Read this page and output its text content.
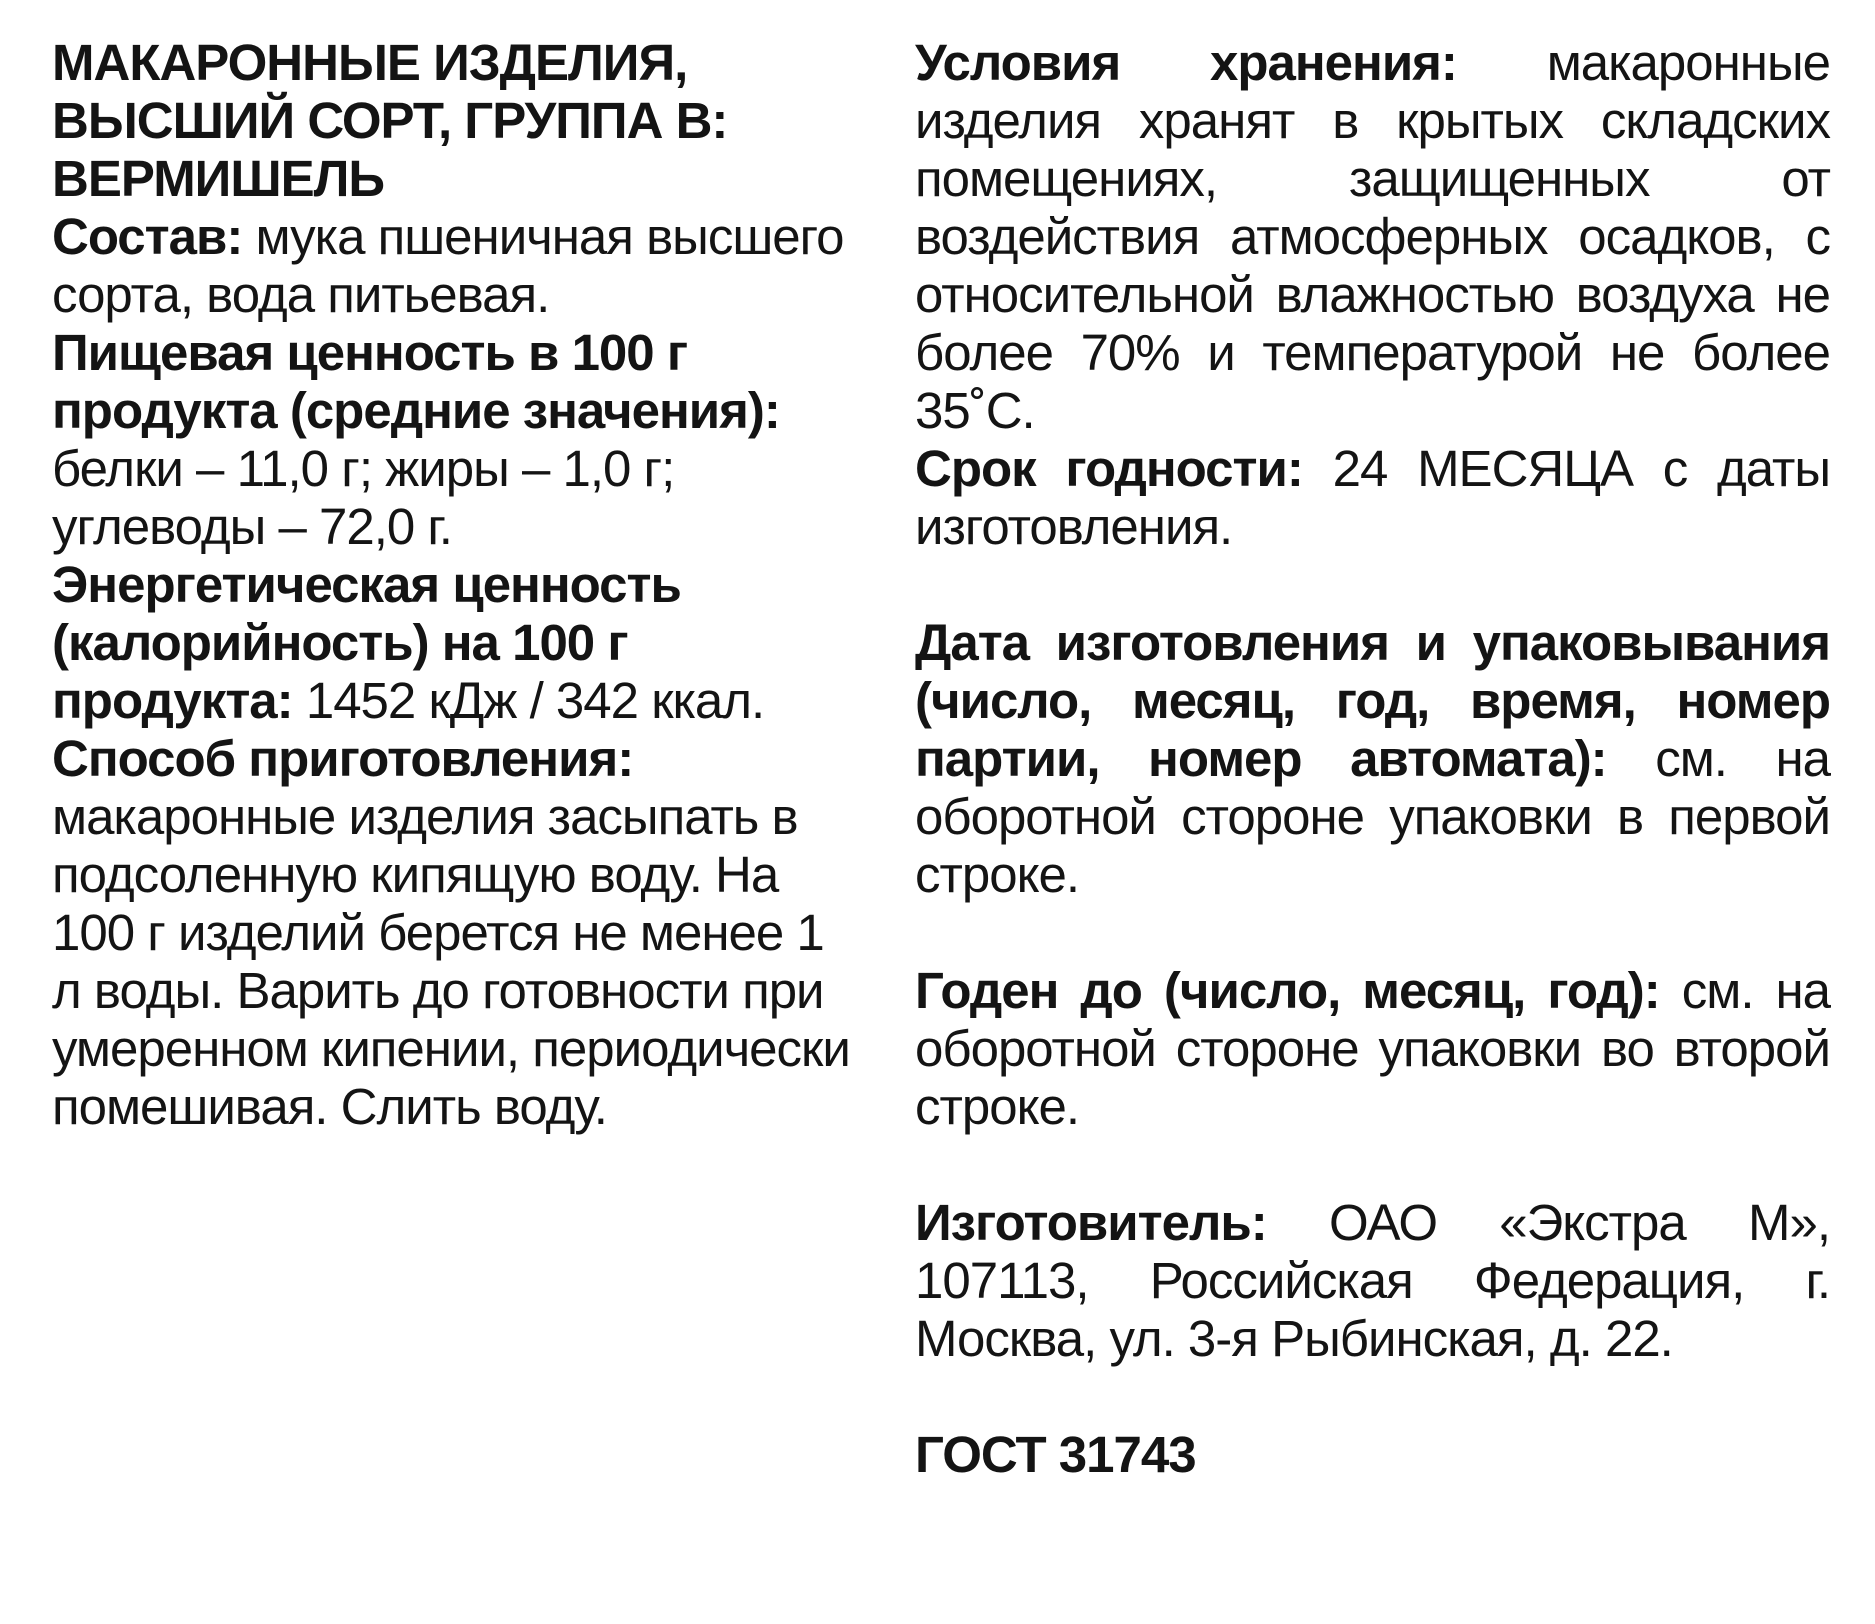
МАКАРОННЫЕ ИЗДЕЛИЯ, ВЫСШИЙ СОРТ, ГРУППА В: ВЕРМИШЕЛЬ

Состав: мука пшеничная высшего сорта, вода питьевая.

Пищевая ценность в 100 г продукта (средние значения): белки – 11,0 г; жиры – 1,0 г; углеводы – 72,0 г.

Энергетическая ценность (калорийность) на 100 г продукта: 1452 кДж / 342 ккал.

Способ приготовления: макаронные изделия засыпать в подсоленную кипящую воду. На 100 г изделий берется не менее 1 л воды. Варить до готовности при умеренном кипении, периодически помешивая. Слить воду.

Условия хранения: макаронные изделия хранят в крытых складских помещениях, защищенных от воздействия атмосферных осадков, с относительной влажностью воздуха не более 70% и температурой не более 35˚С.

Срок годности: 24 МЕСЯЦА с даты изготовления.

Дата изготовления и упаковывания (число, месяц, год, время, номер партии, номер автомата): см. на оборотной стороне упаковки в первой строке.

Годен до (число, месяц, год): см. на оборотной стороне упаковки во второй строке.

Изготовитель: ОАО «Экстра М», 107113, Российская Федерация, г. Москва, ул. 3-я Рыбинская, д. 22.

ГОСТ 31743
